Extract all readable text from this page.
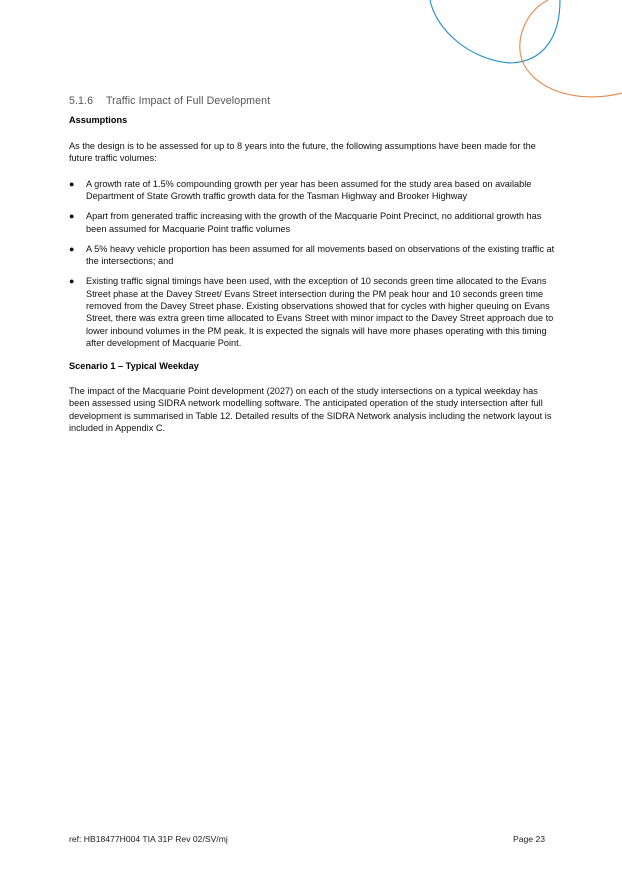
5.1.6 Traffic Impact of Full Development
Assumptions
As the design is to be assessed for up to 8 years into the future, the following assumptions have been made for the future traffic volumes:
● A growth rate of 1.5% compounding growth per year has been assumed for the study area based on available Department of State Growth traffic growth data for the Tasman Highway and Brooker Highway
● Apart from generated traffic increasing with the growth of the Macquarie Point Precinct, no additional growth has been assumed for Macquarie Point traffic volumes
● A 5% heavy vehicle proportion has been assumed for all movements based on observations of the existing traffic at the intersections; and
● Existing traffic signal timings have been used, with the exception of 10 seconds green time allocated to the Evans Street phase at the Davey Street/ Evans Street intersection during the PM peak hour and 10 seconds green time removed from the Davey Street phase. Existing observations showed that for cycles with higher queuing on Evans Street, there was extra green time allocated to Evans Street with minor impact to the Davey Street approach due to lower inbound volumes in the PM peak. It is expected the signals will have more phases operating with this timing after development of Macquarie Point.
Scenario 1 – Typical Weekday
The impact of the Macquarie Point development (2027) on each of the study intersections on a typical weekday has been assessed using SIDRA network modelling software. The anticipated operation of the study intersection after full development is summarised in Table 12. Detailed results of the SIDRA Network analysis including the network layout is included in Appendix C.
ref: HB18477H004 TIA 31P Rev 02/SV/mj	Page 23
